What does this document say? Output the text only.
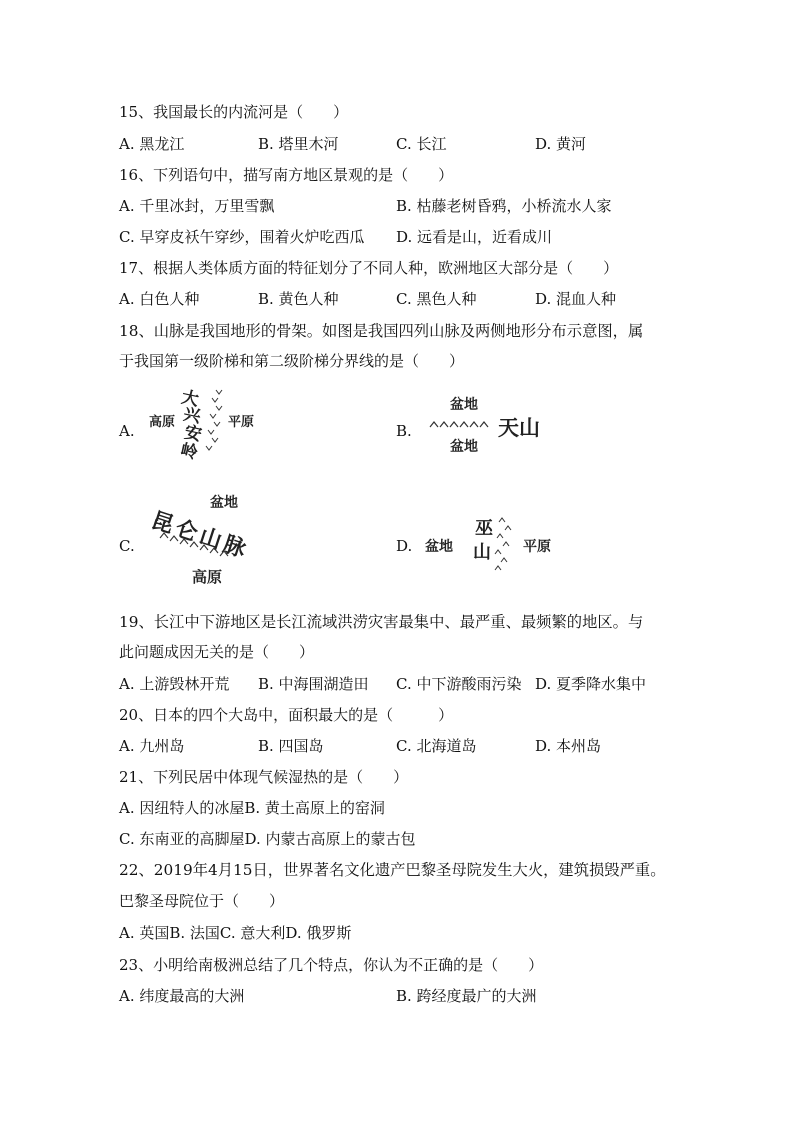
15、我国最长的内流河是（　　）
A. 黑龙江	B. 塔里木河	C. 长江	D. 黄河
16、下列语句中，描写南方地区景观的是（　　）
A. 千里冰封，万里雪飘	B. 枯藤老树昏鸦，小桥流水人家
C. 早穿皮袄午穿纱，围着火炉吃西瓜 D. 远看是山，近看成川
17、根据人类体质方面的特征划分了不同人种，欧洲地区大部分是（　　）
A. 白色人种	B. 黄色人种	C. 黑色人种	D. 混血人种
18、山脉是我国地形的骨架。如图是我国四列山脉及两侧地形分布示意图，属
于我国第一级阶梯和第二级阶梯分界线的是（　　）
A. 高原
大
兴
安
岭
平原	B.
盆地
天山
盆地
C.
盆地
昆
仑
山
脉
高原
D. 盆地
巫
山 平原
19、长江中下游地区是长江流域洪涝灾害最集中、最严重、最频繁的地区。与
此问题成因无关的是（　　）
A. 上游毁林开荒 B. 中海围湖造田 C. 中下游酸雨污染 D. 夏季降水集中
20、日本的四个大岛中，面积最大的是（　　　）
A. 九州岛	B. 四国岛	C. 北海道岛	D. 本州岛
21、下列民居中体现气候湿热的是（　　）
A. 因纽特人的冰屋B. 黄土高原上的窑洞
C. 东南亚的高脚屋D. 内蒙古高原上的蒙古包
22、2019年4月15日，世界著名文化遗产巴黎圣母院发生大火，建筑损毁严重。
巴黎圣母院位于（　　）
A. 英国B. 法国C. 意大利D. 俄罗斯
23、小明给南极洲总结了几个特点，你认为不正确的是（　　）
A. 纬度最高的大洲	B. 跨经度最广的大洲
